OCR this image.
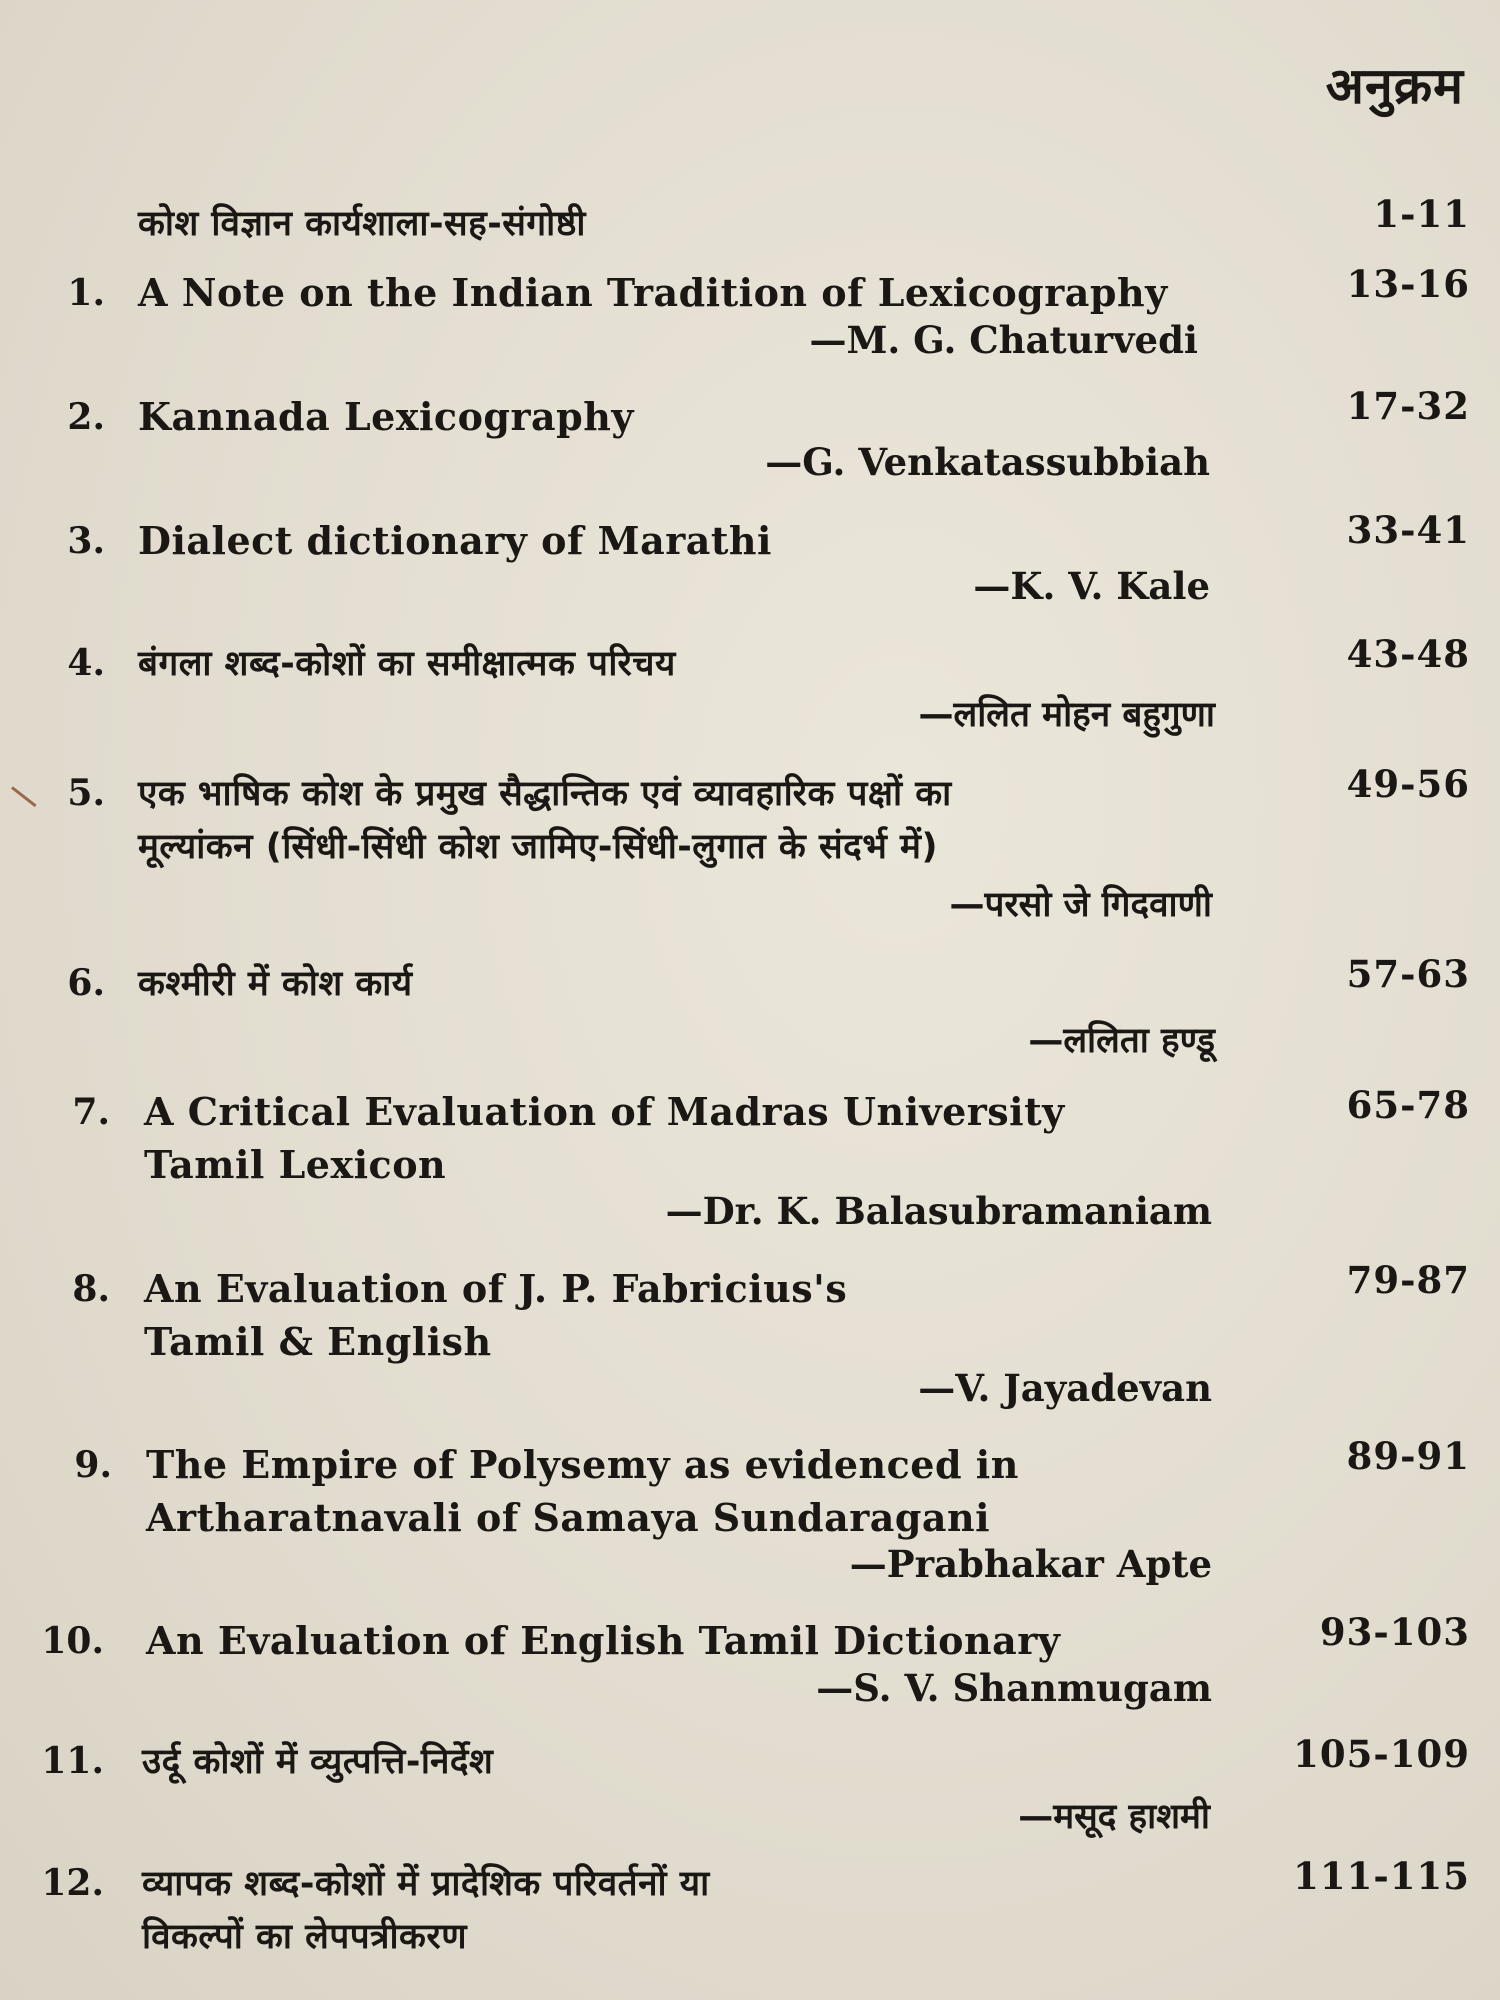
अनुक्रम
कोश विज्ञान कार्यशाला-सह-संगोष्ठी	1-11
1. A Note on the Indian Tradition of Lexicography
—M. G. Chaturvedi
13-16
2. Kannada Lexicography
—G. Venkatassubbiah
17-32
3. Dialect dictionary of Marathi
—K. V. Kale
33-41
4. बंगला शब्द-कोशों का समीक्षात्मक परिचय
—ललित मोहन बहुगुणा
43-48
5. एक भाषिक कोश के प्रमुख सैद्धान्तिक एवं व्यावहारिक पक्षों का
मूल्यांकन (सिंधी-सिंधी कोश जामिए-सिंधी-लुगात के संदर्भ में)
—परसो जे गिदवाणी
49-56
6. कश्मीरी में कोश कार्य
—ललिता हण्डू
57-63
7. A Critical Evaluation of Madras University
Tamil Lexicon
—Dr. K. Balasubramaniam
65-78
8. An Evaluation of J. P. Fabricius's
Tamil & English
—V. Jayadevan
79-87
9. The Empire of Polysemy as evidenced in
Artharatnavali of Samaya Sundaragani
—Prabhakar Apte
89-91
10. An Evaluation of English Tamil Dictionary
—S. V. Shanmugam
93-103
11. उर्दू कोशों में व्युत्पत्ति-निर्देश
—मसूद हाशमी
105-109
12. व्यापक शब्द-कोशों में प्रादेशिक परिवर्तनों या
विकल्पों का लेपपत्रीकरण
111-115
